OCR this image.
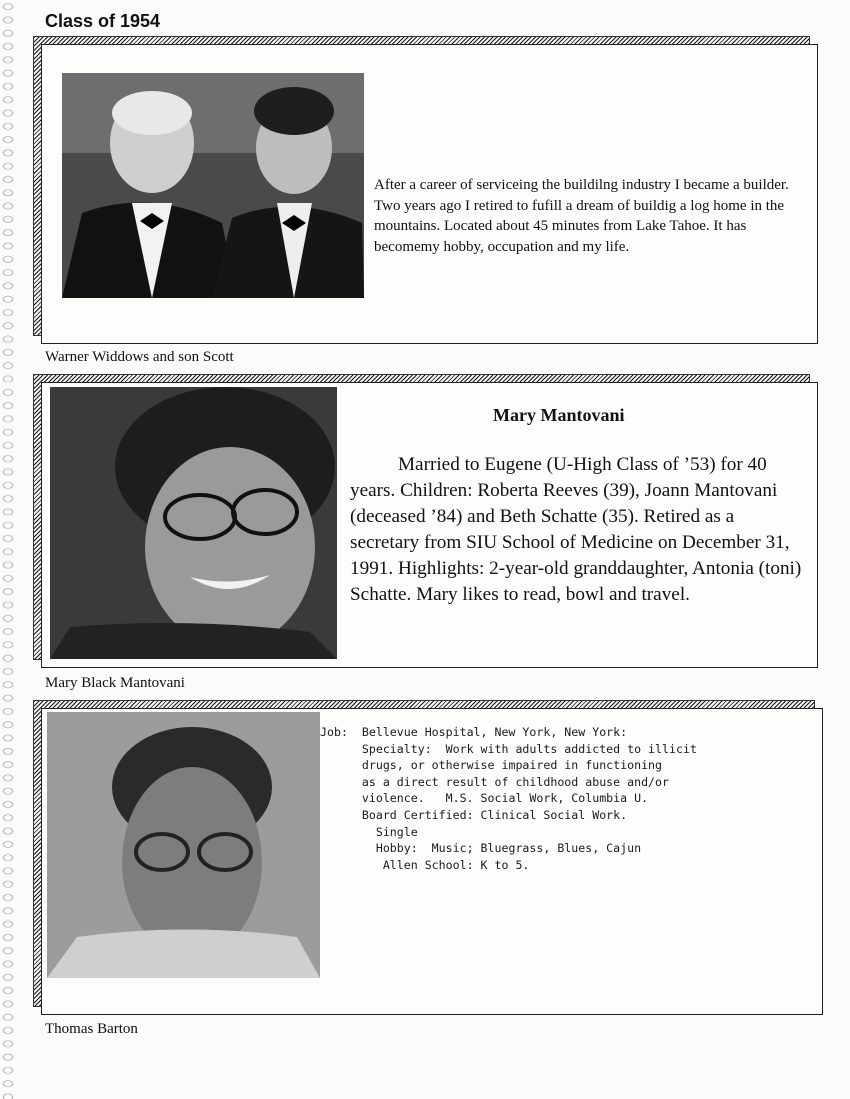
Class of 1954

After a career of serviceing the buildilng industry I became a builder. Two years ago I retired to fufill a dream of buildig a log home in the mountains. Located about 45 minutes from Lake Tahoe. It has becomemy hobby, occupation and my life.

Warner Widdows and son Scott
Mary Mantovani

Married to Eugene (U-High Class of ’53) for 40 years. Children: Roberta Reeves (39), Joann Mantovani (deceased ’84) and Beth Schatte (35). Retired as a secretary from SIU School of Medicine on December 31, 1991. Highlights: 2-year-old granddaughter, Antonia (toni) Schatte. Mary likes to read, bowl and travel.

Mary Black Mantovani
Job:  Bellevue Hospital, New York, New York:
Specialty:  Work with adults addicted to illicit
drugs, or otherwise impaired in functioning
as a direct result of childhood abuse and/or
violence.   M.S. Social Work, Columbia U.
Board Certified: Clinical Social Work.
Single
Hobby:  Music; Bluegrass, Blues, Cajun
Allen School: K to 5.
Thomas Barton
